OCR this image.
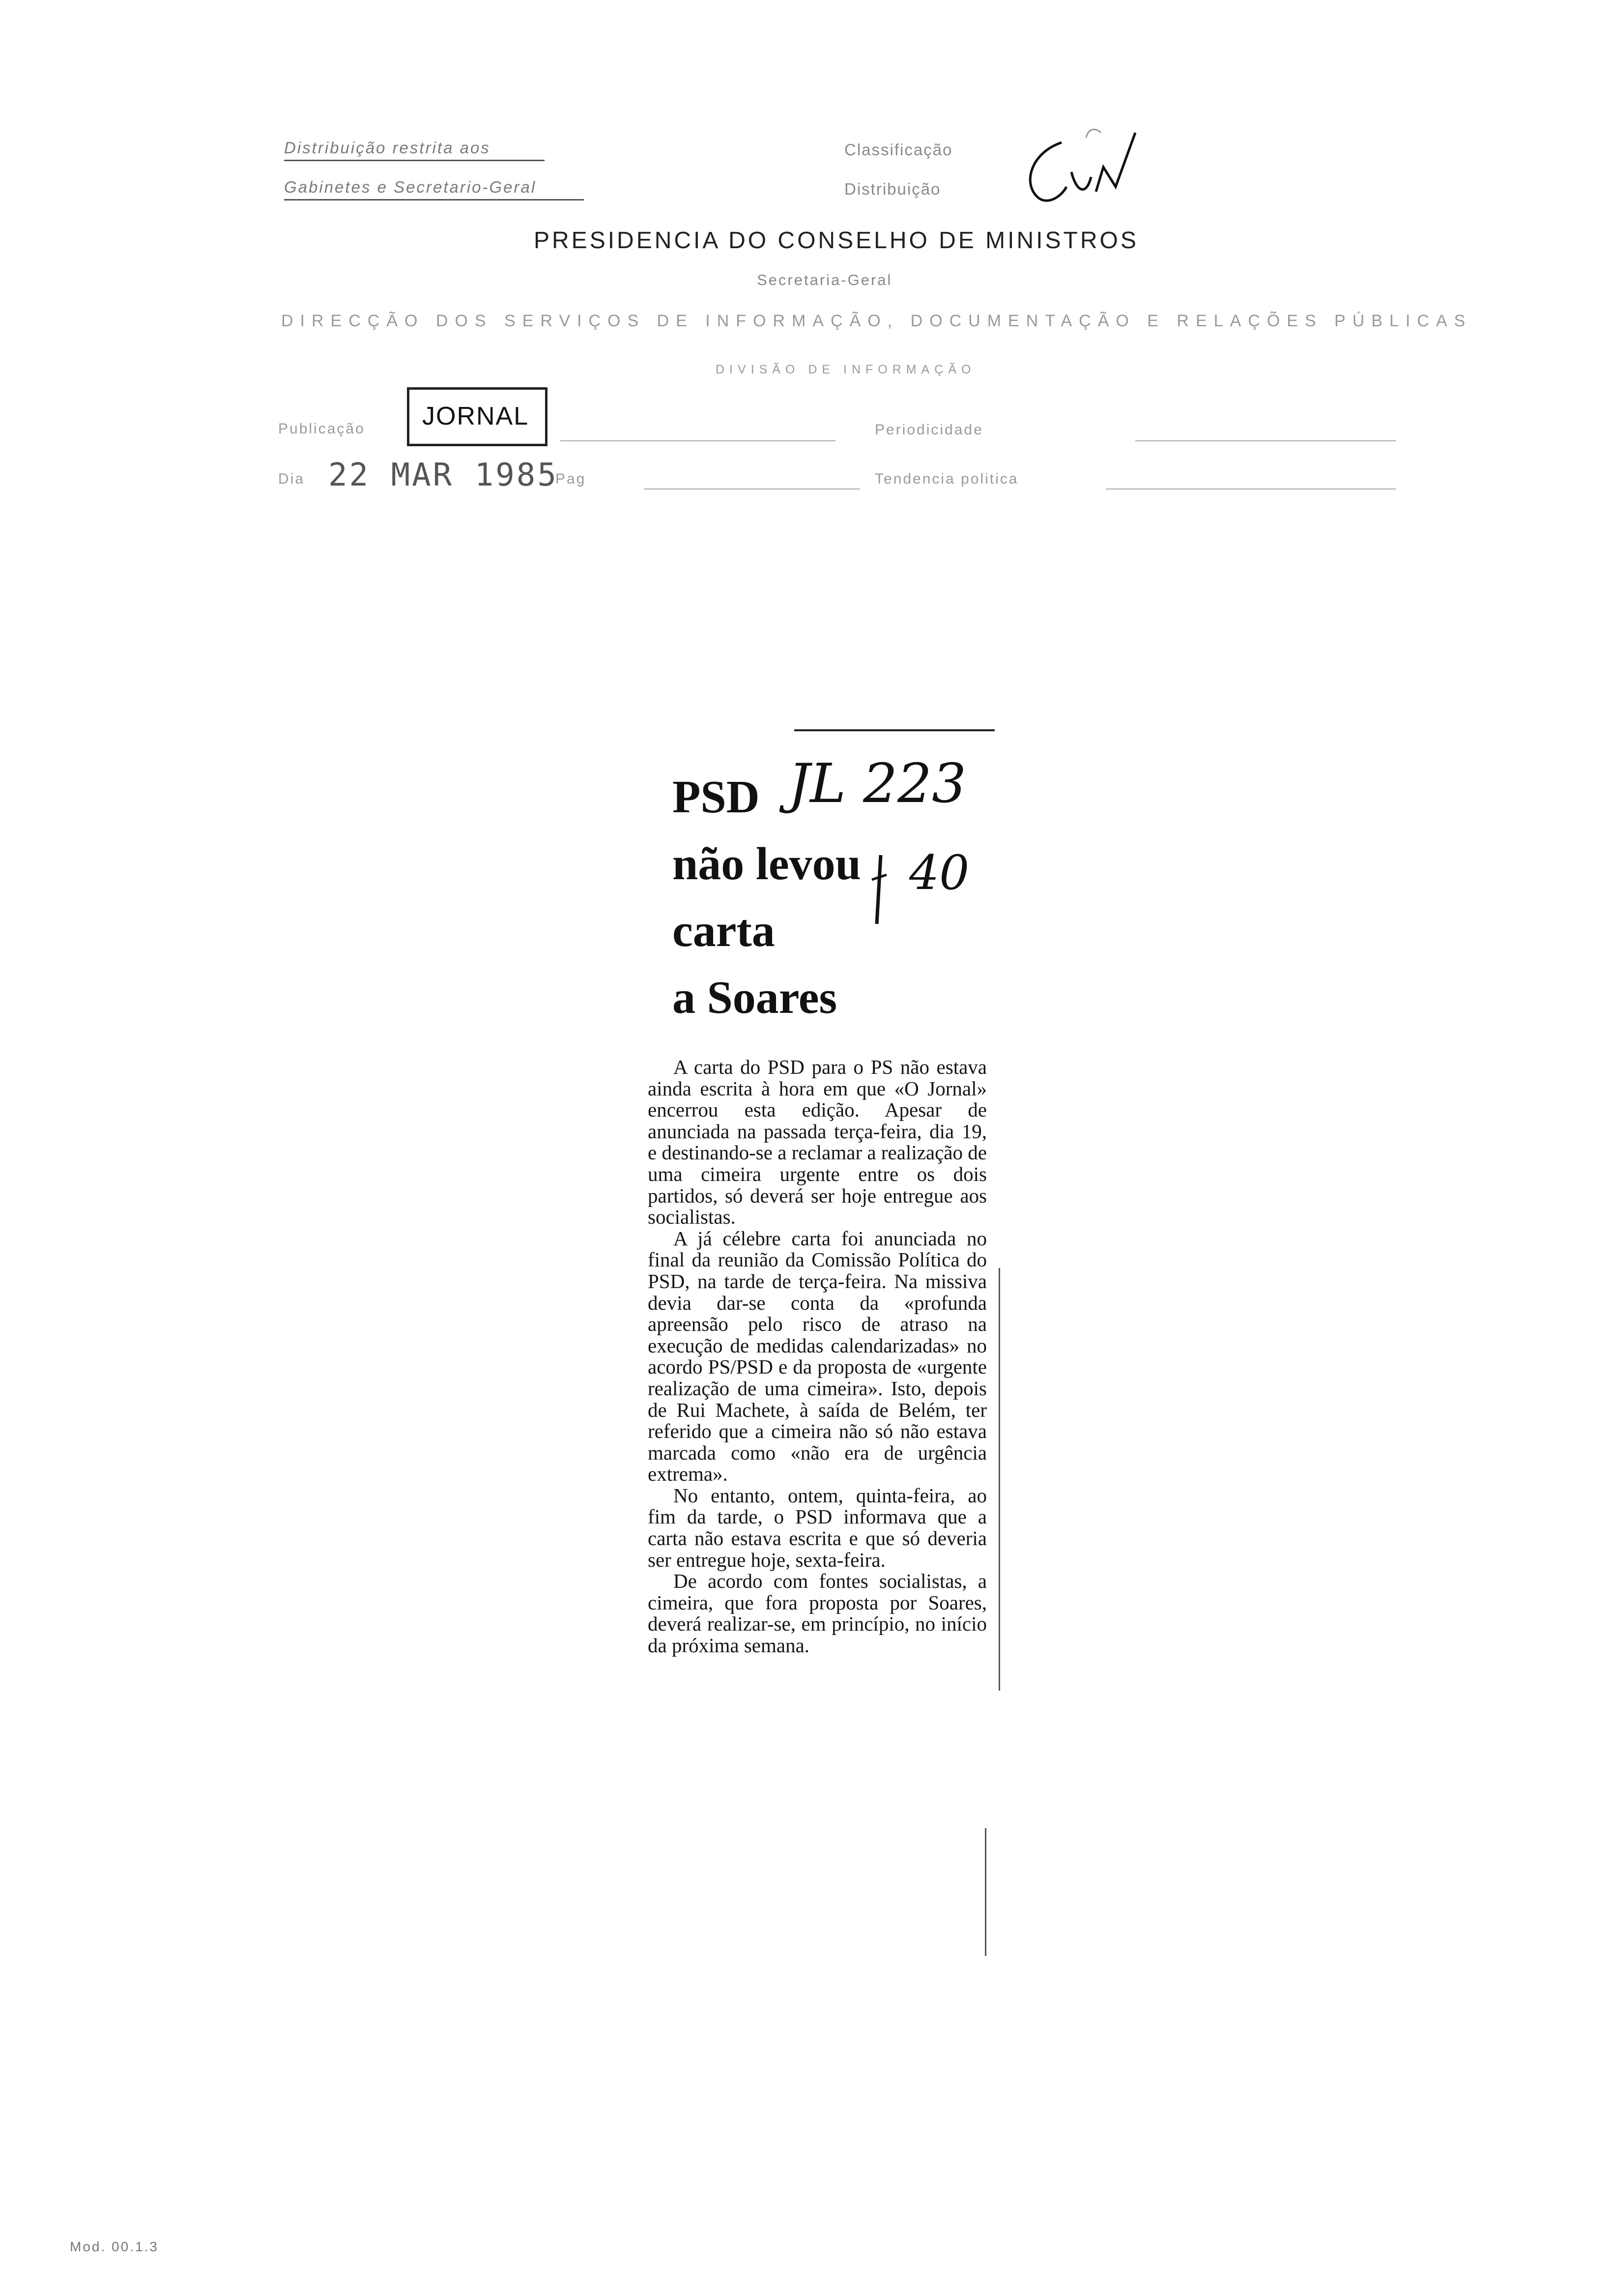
Distribuição restrita aos
Gabinetes e Secretario-Geral
Classificação
Distribuição
PRESIDENCIA DO CONSELHO DE MINISTROS
Secretaria-Geral
DIRECÇÃO DOS SERVIÇOS DE INFORMAÇÃO, DOCUMENTAÇÃO E RELAÇÕES PÚBLICAS
DIVISÃO DE INFORMAÇÃO
Publicação JORNAL	Periodicidade
Dia 22 MAR 1985
Pag	Tendencia politica
PSD
não levou
carta
a Soares
JL 223
40

A carta do PSD para o PS não estava ainda escrita à hora em que «O Jornal» encerrou esta edição. Apesar de anunciada na passada terça-feira, dia 19, e destinando-se a reclamar a realização de uma cimeira urgente entre os dois partidos, só deverá ser hoje entregue aos socialistas.

A já célebre carta foi anunciada no final da reunião da Comissão Política do PSD, na tarde de terça-feira. Na missiva devia dar-se conta da «profunda apreensão pelo risco de atraso na execução de medidas calendarizadas» no acordo PS/PSD e da proposta de «urgente realização de uma cimeira». Isto, depois de Rui Machete, à saída de Belém, ter referido que a cimeira não só não estava marcada como «não era de urgência extrema».

No entanto, ontem, quinta-feira, ao fim da tarde, o PSD informava que a carta não estava escrita e que só deveria ser entregue hoje, sexta-feira.

De acordo com fontes socialistas, a cimeira, que fora proposta por Soares, deverá realizar-se, em princípio, no início da próxima semana.

Mod. 00.1.3
